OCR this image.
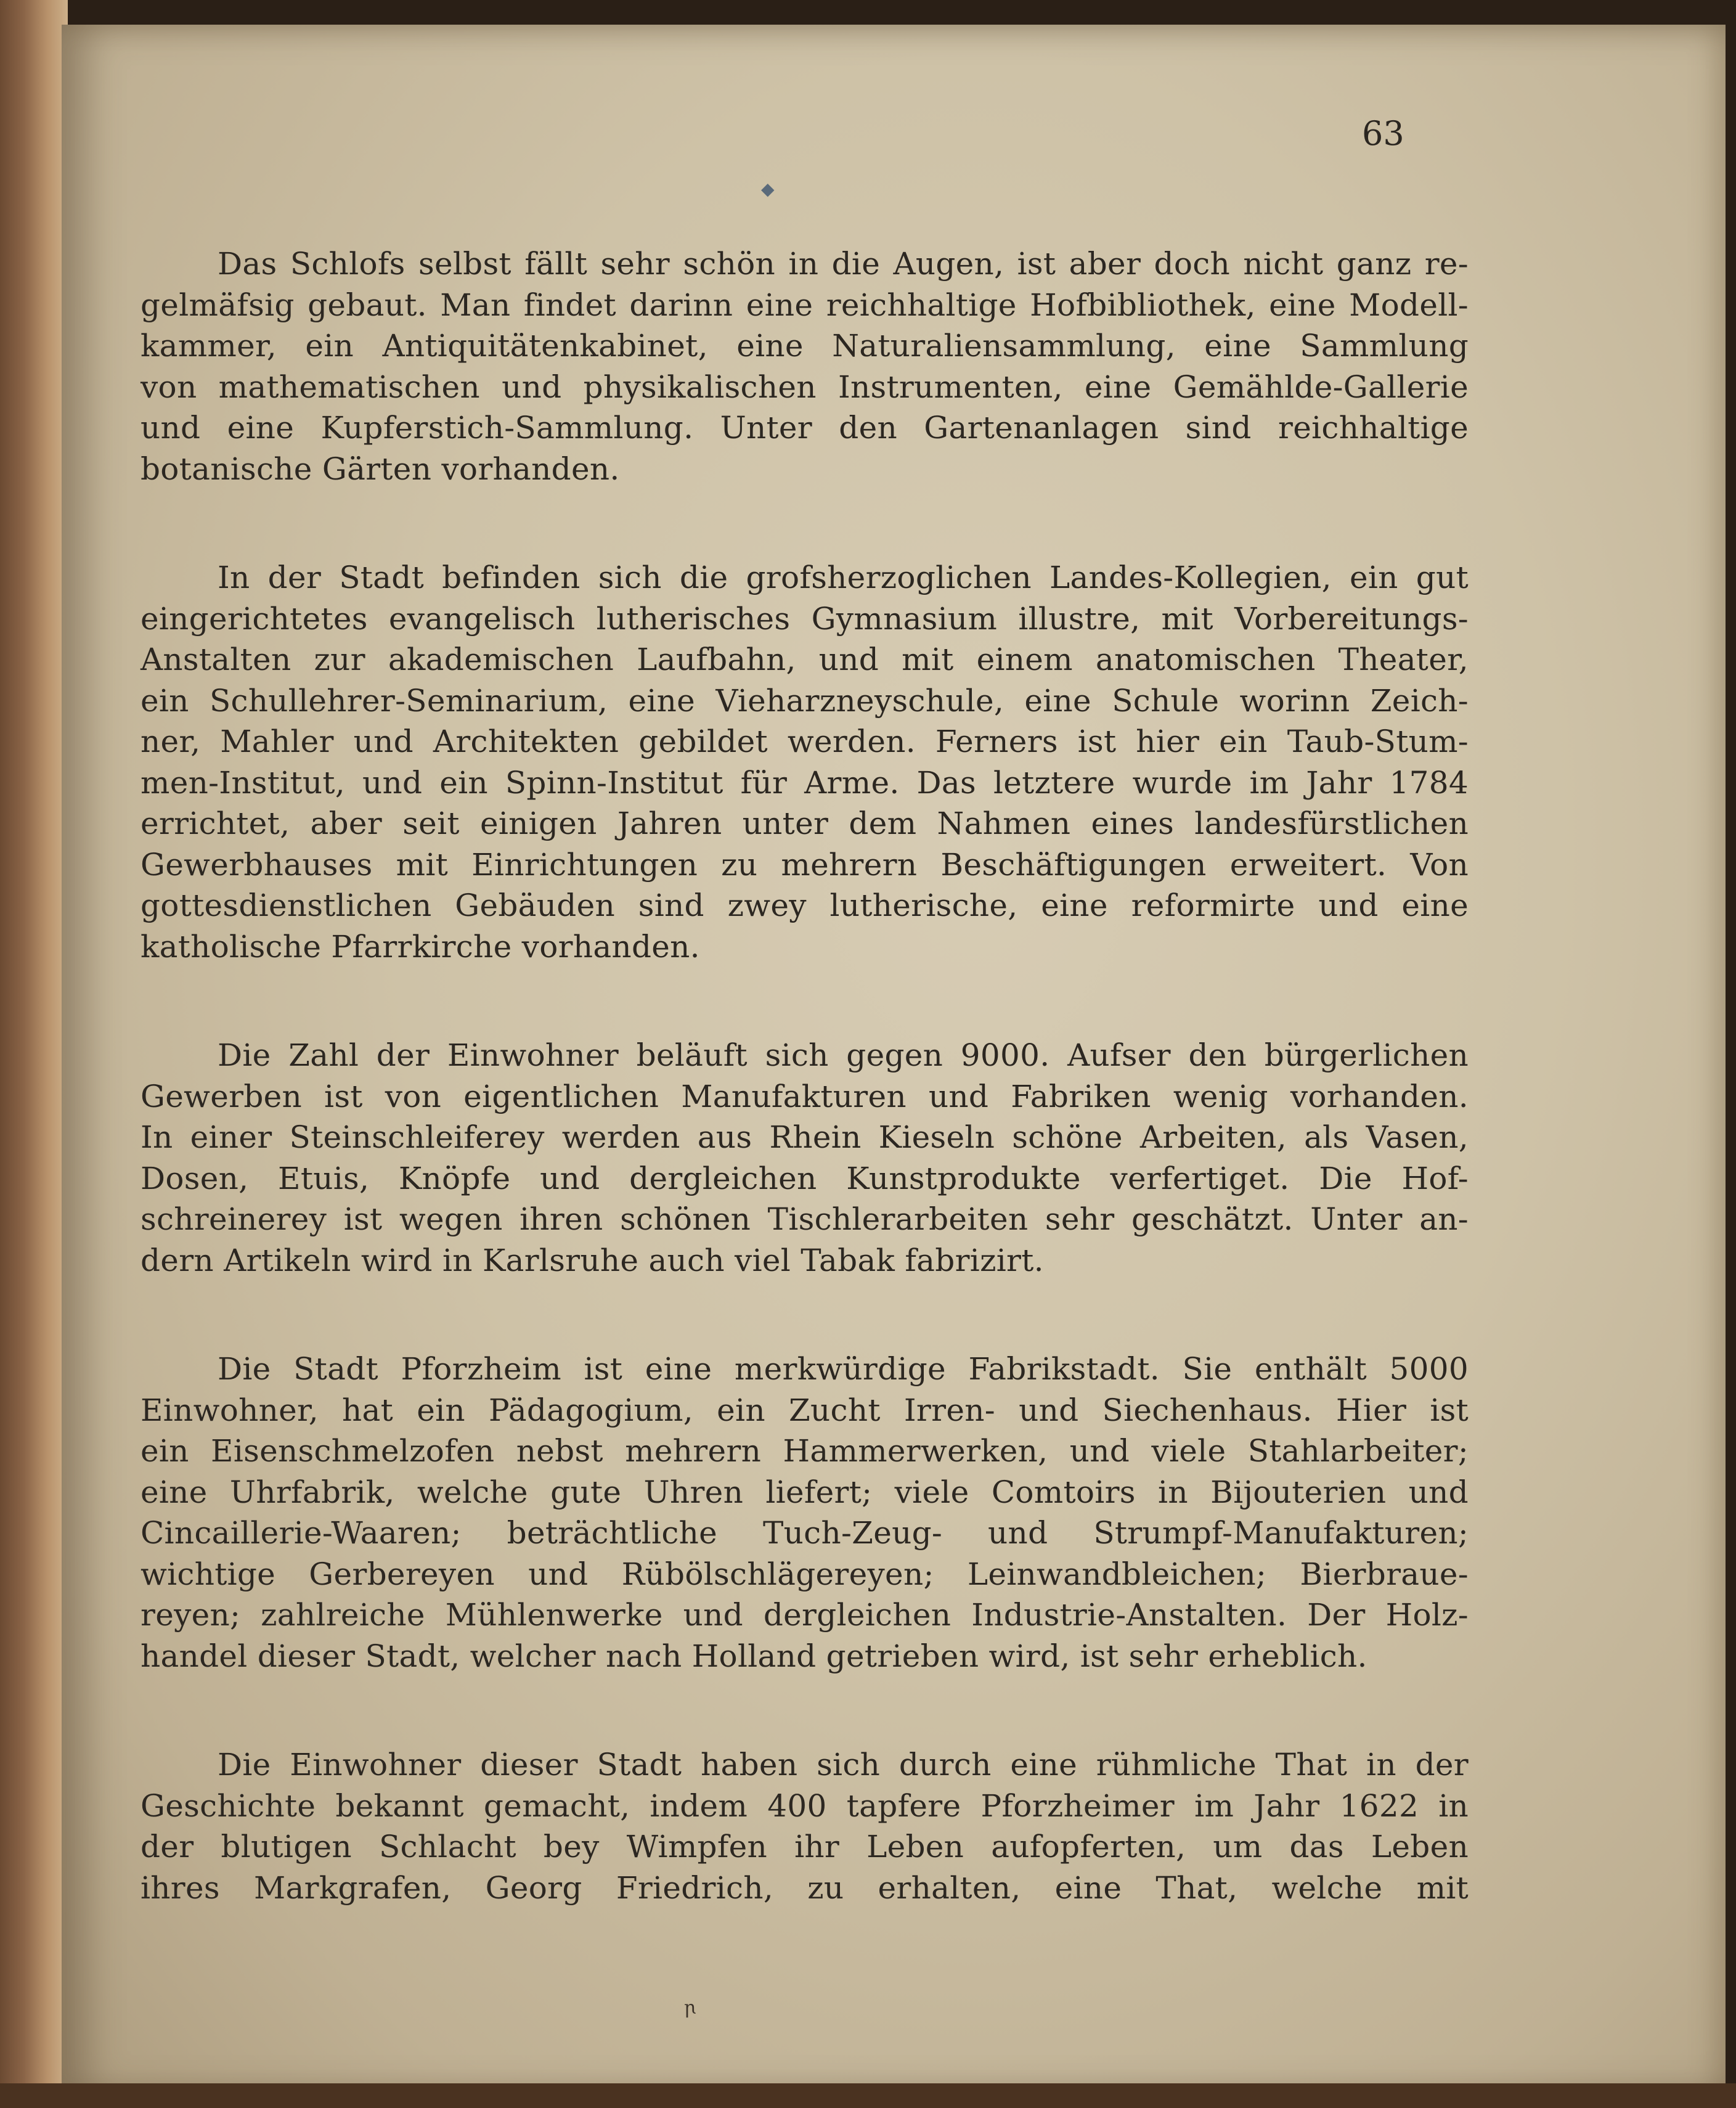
◆
63
Das Schlofs selbst fällt sehr schön in die Augen, ist aber doch nicht ganz re-
gelmäfsig gebaut. Man findet darinn eine reichhaltige Hofbibliothek, eine Modell-
kammer, ein Antiquitätenkabinet, eine Naturaliensammlung, eine Sammlung
von mathematischen und physikalischen Instrumenten, eine Gemählde-Gallerie
und eine Kupferstich-Sammlung. Unter den Gartenanlagen sind reichhaltige
botanische Gärten vorhanden.
In der Stadt befinden sich die grofsherzoglichen Landes-Kollegien, ein gut
eingerichtetes evangelisch lutherisches Gymnasium illustre, mit Vorbereitungs-
Anstalten zur akademischen Laufbahn, und mit einem anatomischen Theater,
ein Schullehrer-Seminarium, eine Vieharzneyschule, eine Schule worinn Zeich-
ner, Mahler und Architekten gebildet werden. Ferners ist hier ein Taub-Stum-
men-Institut, und ein Spinn-Institut für Arme. Das letztere wurde im Jahr 1784
errichtet, aber seit einigen Jahren unter dem Nahmen eines landesfürstlichen
Gewerbhauses mit Einrichtungen zu mehrern Beschäftigungen erweitert. Von
gottesdienstlichen Gebäuden sind zwey lutherische, eine reformirte und eine
katholische Pfarrkirche vorhanden.
Die Zahl der Einwohner beläuft sich gegen 9000. Aufser den bürgerlichen
Gewerben ist von eigentlichen Manufakturen und Fabriken wenig vorhanden.
In einer Steinschleiferey werden aus Rhein Kieseln schöne Arbeiten, als Vasen,
Dosen, Etuis, Knöpfe und dergleichen Kunstprodukte verfertiget. Die Hof-
schreinerey ist wegen ihren schönen Tischlerarbeiten sehr geschätzt. Unter an-
dern Artikeln wird in Karlsruhe auch viel Tabak fabrizirt.
Die Stadt Pforzheim ist eine merkwürdige Fabrikstadt. Sie enthält 5000
Einwohner, hat ein Pädagogium, ein Zucht Irren- und Siechenhaus. Hier ist
ein Eisenschmelzofen nebst mehrern Hammerwerken, und viele Stahlarbeiter;
eine Uhrfabrik, welche gute Uhren liefert; viele Comtoirs in Bijouterien und
Cincaillerie-Waaren; beträchtliche Tuch-Zeug- und Strumpf-Manufakturen;
wichtige Gerbereyen und Rübölschlägereyen; Leinwandbleichen; Bierbraue-
reyen; zahlreiche Mühlenwerke und dergleichen Industrie-Anstalten. Der Holz-
handel dieser Stadt, welcher nach Holland getrieben wird, ist sehr erheblich.
Die Einwohner dieser Stadt haben sich durch eine rühmliche That in der
Geschichte bekannt gemacht, indem 400 tapfere Pforzheimer im Jahr 1622 in
der blutigen Schlacht bey Wimpfen ihr Leben aufopferten, um das Leben
ihres Markgrafen, Georg Friedrich, zu erhalten, eine That, welche mit
ꞃ
